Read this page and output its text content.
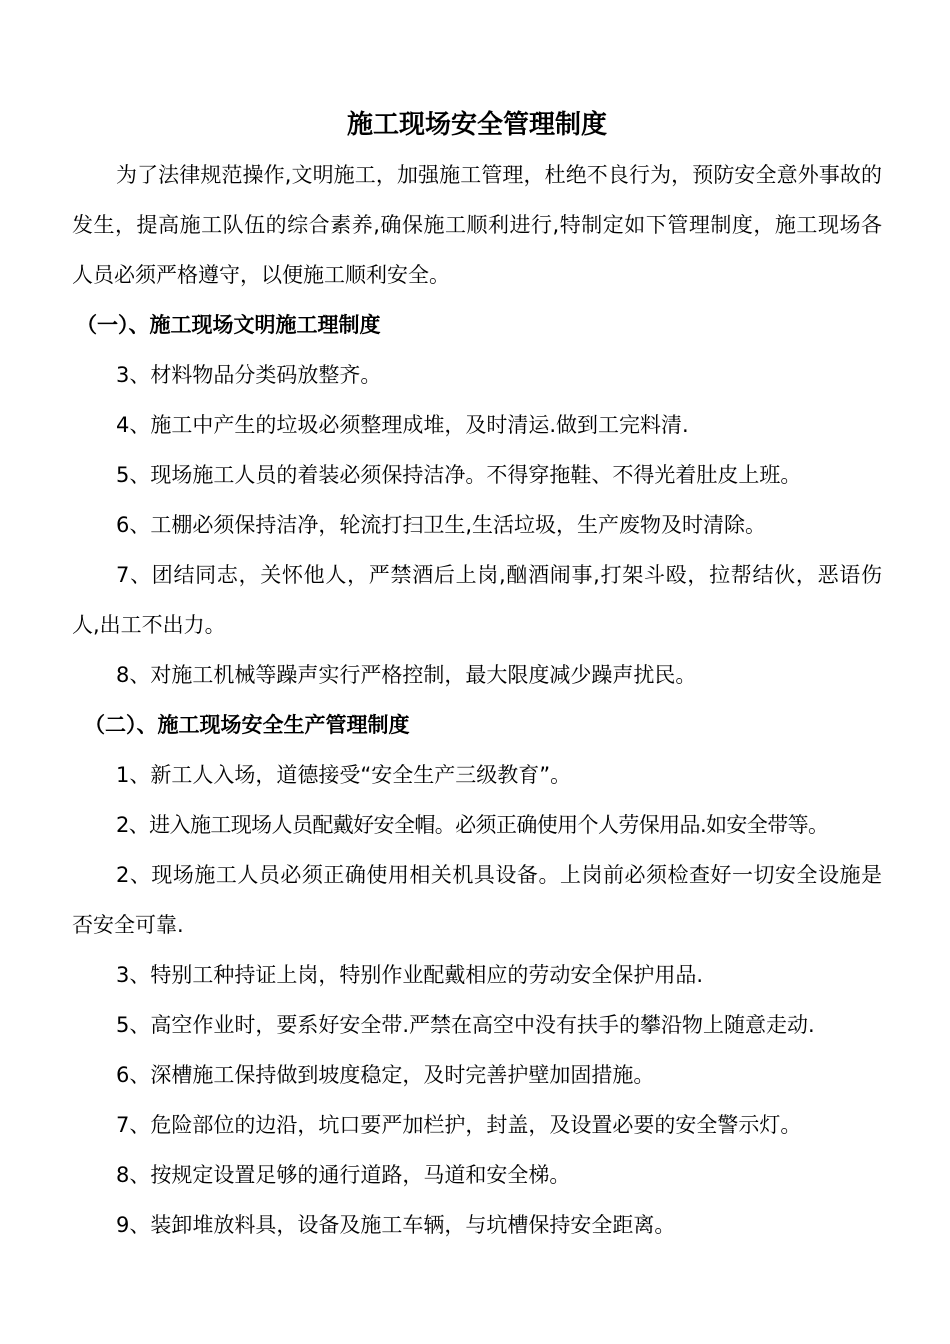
施工现场安全管理制度

为了法律规范操作,文明施工，加强施工管理，杜绝不良行为，预防安全意外事故的发生，提高施工队伍的综合素养,确保施工顺利进行,特制定如下管理制度，施工现场各人员必须严格遵守，以便施工顺利安全。

（一）、施工现场文明施工理制度

3、材料物品分类码放整齐。

4、施工中产生的垃圾必须整理成堆，及时清运.做到工完料清.

5、现场施工人员的着装必须保持洁净。不得穿拖鞋、不得光着肚皮上班。

6、工棚必须保持洁净，轮流打扫卫生,生活垃圾，生产废物及时清除。

7、团结同志，关怀他人，严禁酒后上岗,酗酒闹事,打架斗殴，拉帮结伙，恶语伤人,出工不出力。

8、对施工机械等躁声实行严格控制，最大限度减少躁声扰民。

（二）、施工现场安全生产管理制度

1、新工人入场，道德接受“安全生产三级教育”。

2、进入施工现场人员配戴好安全帽。必须正确使用个人劳保用品.如安全带等。

2、现场施工人员必须正确使用相关机具设备。上岗前必须检查好一切安全设施是否安全可靠.

3、特别工种持证上岗，特别作业配戴相应的劳动安全保护用品.

5、高空作业时，要系好安全带.严禁在高空中没有扶手的攀沿物上随意走动.

6、深槽施工保持做到坡度稳定，及时完善护壁加固措施。

7、危险部位的边沿，坑口要严加栏护，封盖，及设置必要的安全警示灯。

8、按规定设置足够的通行道路，马道和安全梯。

9、装卸堆放料具，设备及施工车辆，与坑槽保持安全距离。
